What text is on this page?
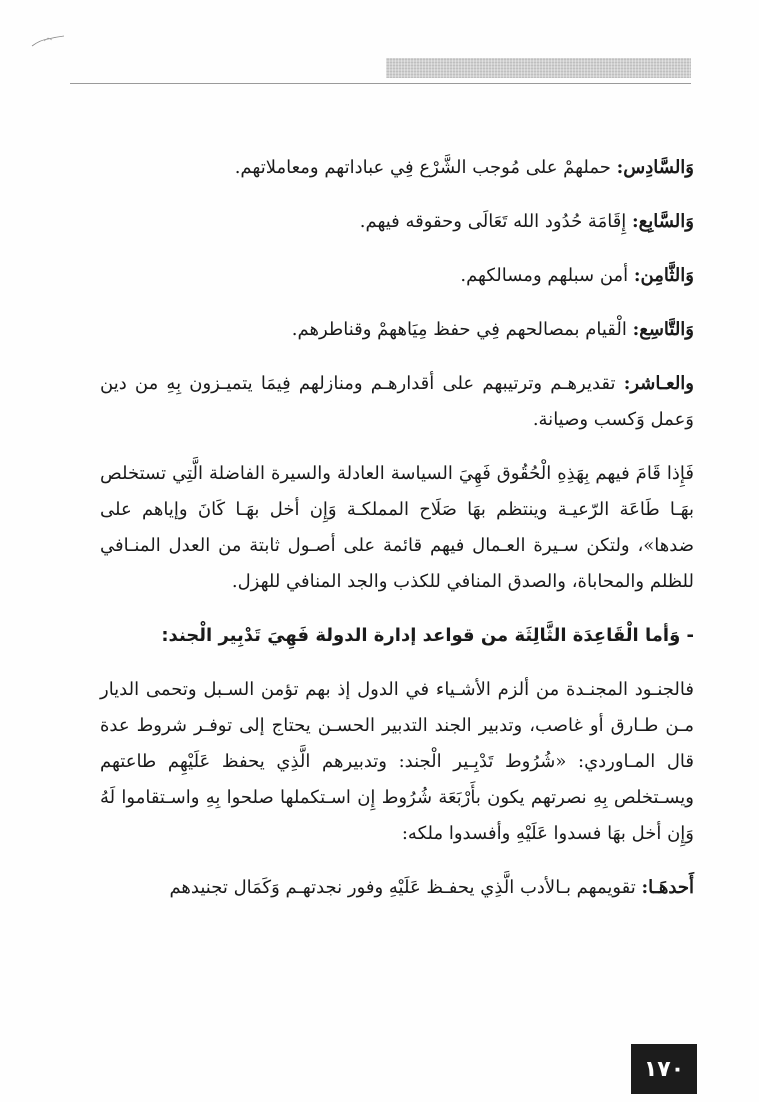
وَالسَّادِس: حملهمْ على مُوجب الشَّرْع فِي عباداتهم ومعاملاتهم.

وَالسَّابِع: إِقَامَة حُدُود الله تَعَالَى وحقوقه فيهم.

وَالثَّامِن: أمن سبلهم ومسالكهم.

وَالتَّاسِع: الْقيام بمصالحهم فِي حفظ مِيَاههمْ وقناطرهم.

والعـاشر: تقديرهـم وترتيبهم على أقدارهـم ومنازلهم فِيمَا يتميـزون بِهِ من دين وَعمل وَكسب وصيانة.

فَإِذا قَامَ فيهم بِهَذِهِ الْحُقُوق فَهِيَ السياسة العادلة والسيرة الفاضلة الَّتِي تستخلص بهَـا طَاعَة الرّعيـة وينتظم بهَا صَلَاح المملكـة وَإِن أخل بهَـا كَانَ وإياهم على ضدها»، ولتكن سـيرة العـمال فيهم قائمة على أصـول ثابتة من العدل المنـافي للظلم والمحاباة، والصدق المنافي للكذب والجد المنافي للهزل.

- وَأما الْقَاعِدَة الثَّالِثَة من قواعد إدارة الدولة فَهِيَ تَدْبِير الْجند:

فالجنـود المجنـدة من ألزم الأشـياء في الدول إذ بهم تؤمن السـبل وتحمى الديار مـن طـارق أو غاصب، وتدبير الجند التدبير الحسـن يحتاج إلى توفـر شروط عدة قال المـاوردي: «شُرُوط تَدْبِـير الْجند: وتدبيرهم الَّذِي يحفظ عَلَيْهِم طاعتهم ويسـتخلص بِهِ نصرتهم يكون بأَرْبَعَة شُرُوط إِن اسـتكملها صلحوا بِهِ واسـتقاموا لَهُ وَإِن أخل بهَا فسدوا عَلَيْهِ وأفسدوا ملكه:

أَحدهَـا: تقويمهم بـالأدب الَّذِي يحفـظ عَلَيْهِ وفور نجدتهـم وَكَمَال تجنيدهم

١٧٠
